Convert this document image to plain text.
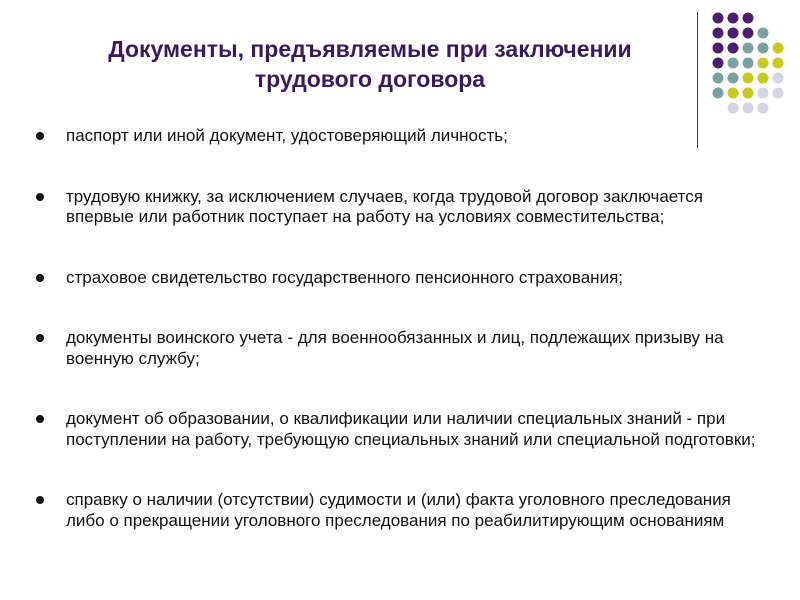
Документы, предъявляемые при заключении
трудового договора
паспорт или иной документ, удостоверяющий личность;
трудовую книжку, за исключением случаев, когда трудовой договор заключается впервые или работник поступает на работу на условиях совместительства;
страховое свидетельство государственного пенсионного страхования;
документы воинского учета - для военнообязанных и лиц, подлежащих призыву на военную службу;
документ об образовании, о квалификации или наличии специальных знаний - при поступлении на работу, требующую специальных знаний или специальной подготовки;
справку о наличии (отсутствии) судимости и (или) факта уголовного преследования либо о прекращении уголовного преследования по реабилитирующим основаниям
